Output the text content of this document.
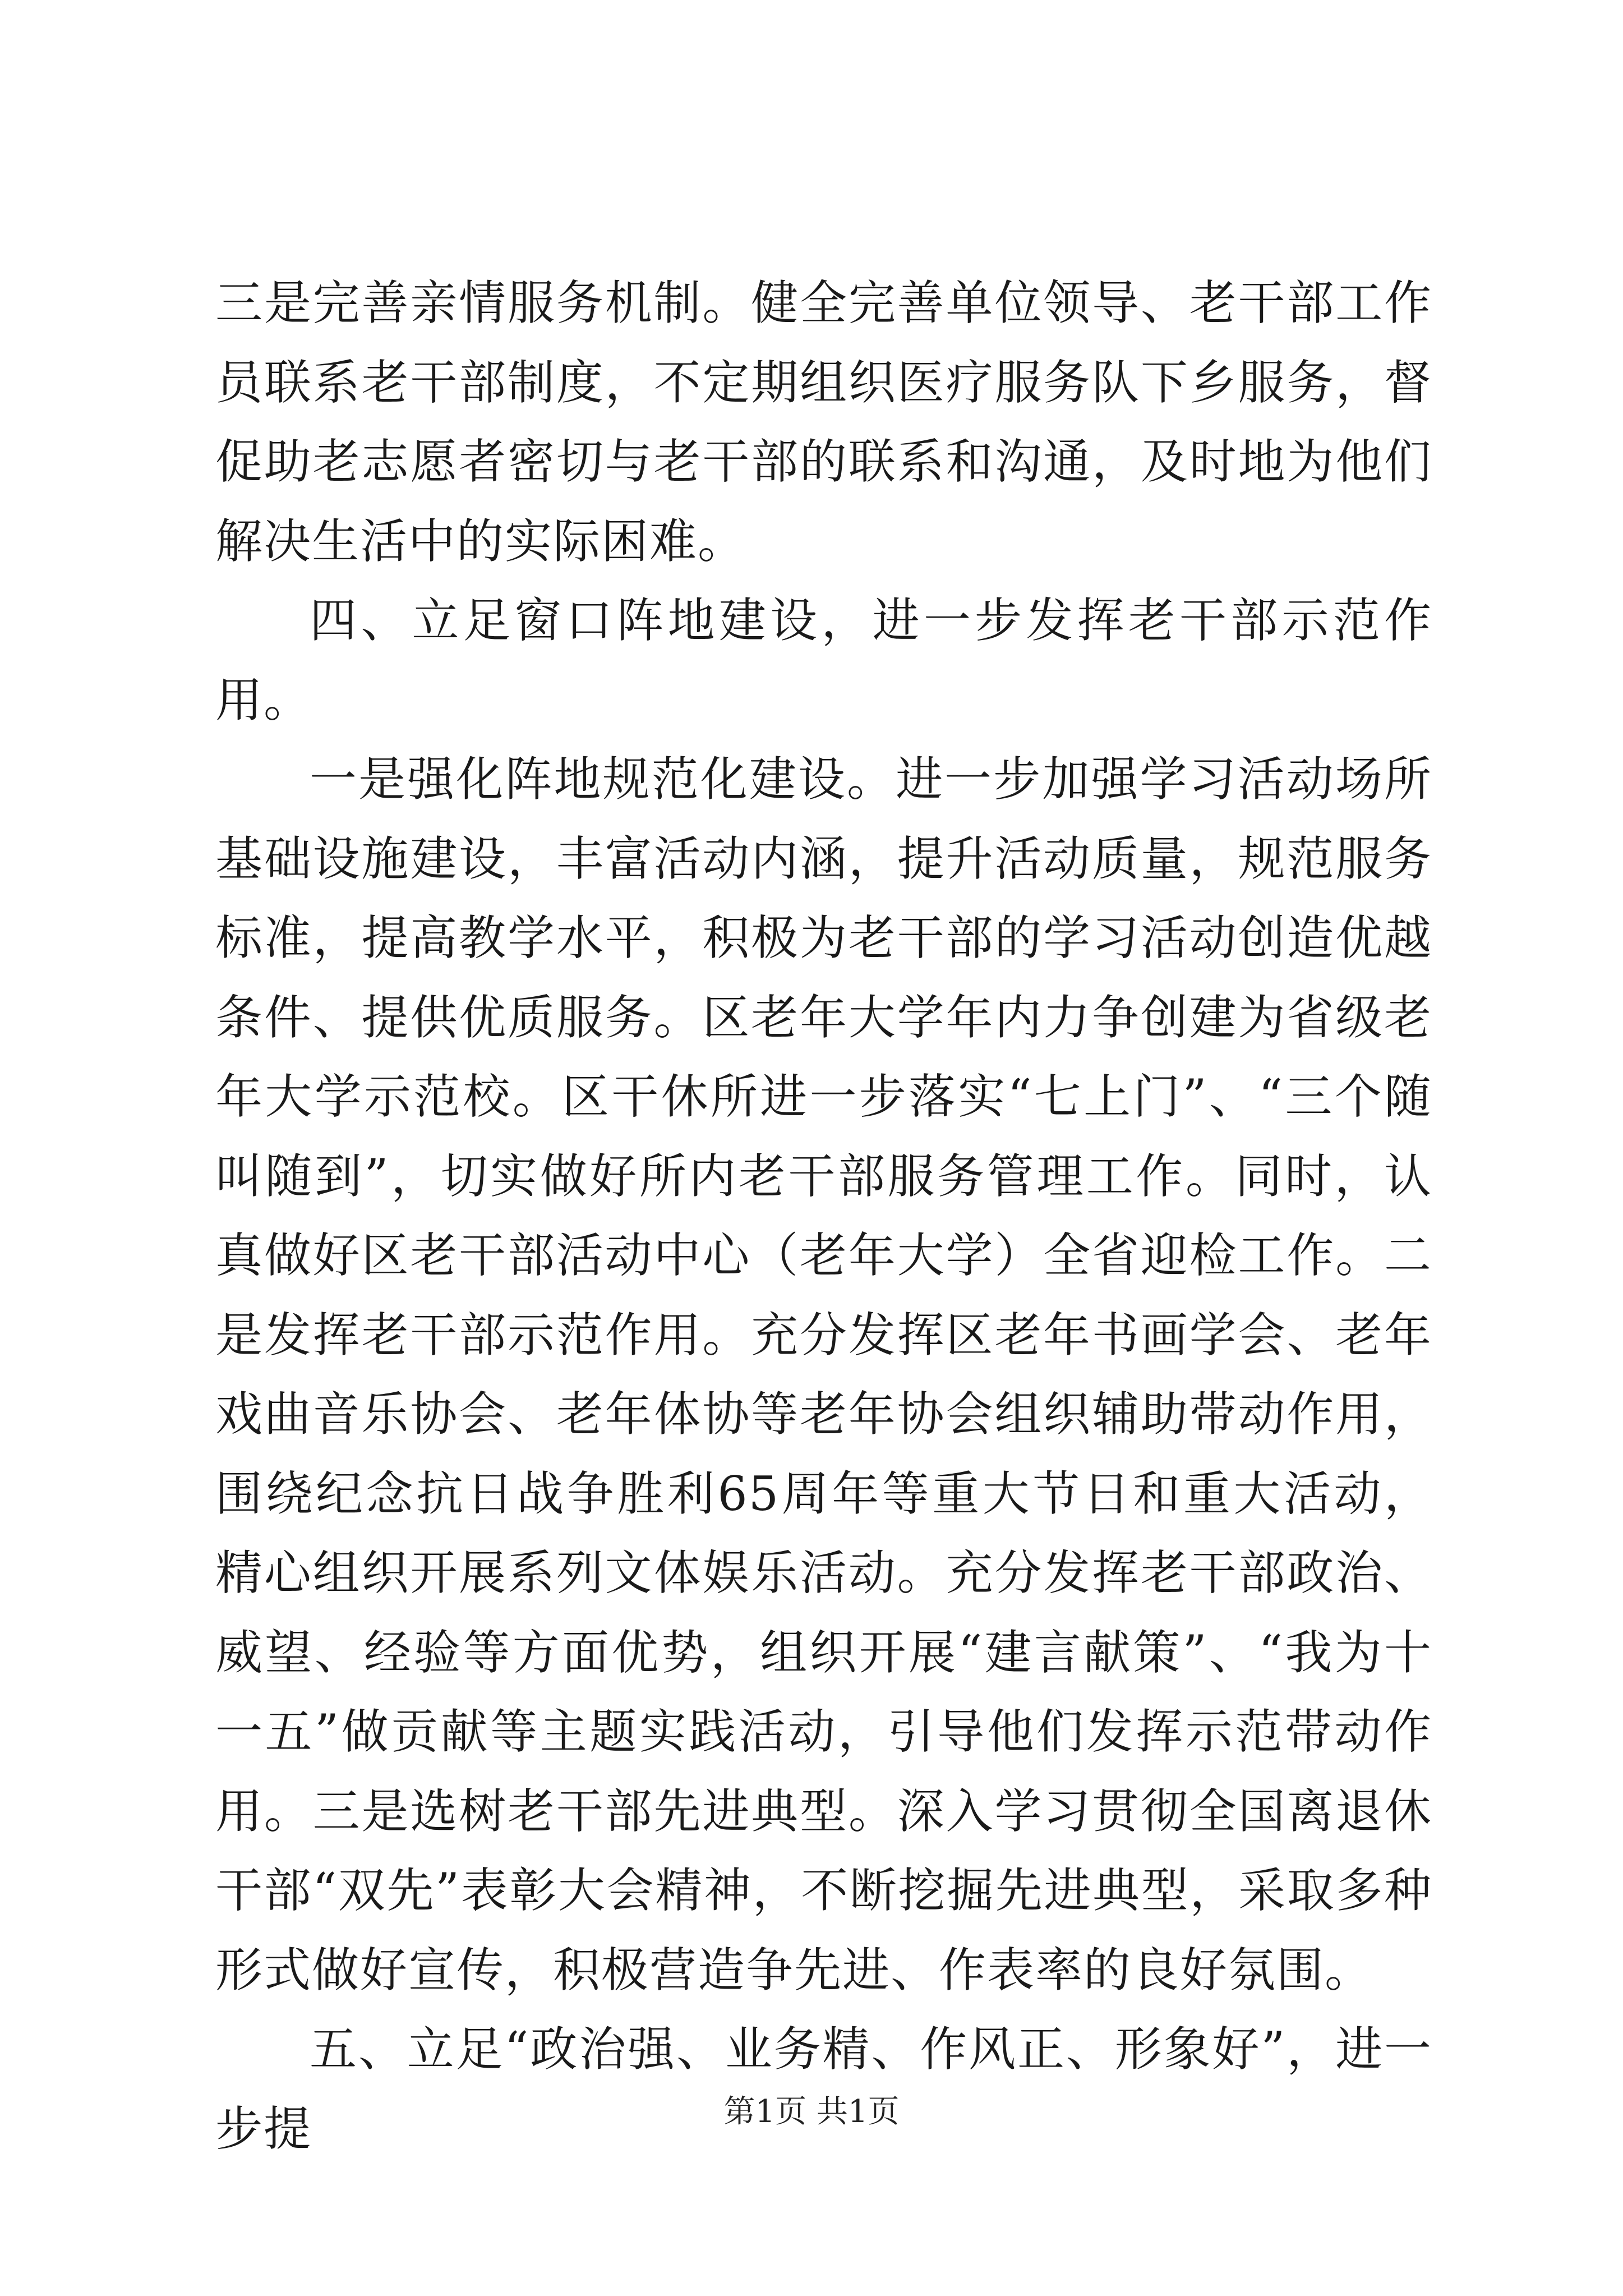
三是完善亲情服务机制。健全完善单位领导、老干部工作员联系老干部制度，不定期组织医疗服务队下乡服务，督促助老志愿者密切与老干部的联系和沟通，及时地为他们解决生活中的实际困难。

四、立足窗口阵地建设，进一步发挥老干部示范作用。

一是强化阵地规范化建设。进一步加强学习活动场所基础设施建设，丰富活动内涵，提升活动质量，规范服务标准，提高教学水平，积极为老干部的学习活动创造优越条件、提供优质服务。区老年大学年内力争创建为省级老年大学示范校。区干休所进一步落实“七上门”、“三个随叫随到”，切实做好所内老干部服务管理工作。同时，认真做好区老干部活动中心（老年大学）全省迎检工作。二是发挥老干部示范作用。充分发挥区老年书画学会、老年戏曲音乐协会、老年体协等老年协会组织辅助带动作用，围绕纪念抗日战争胜利65周年等重大节日和重大活动，精心组织开展系列文体娱乐活动。充分发挥老干部政治、威望、经验等方面优势，组织开展“建言献策”、“我为十一五”做贡献等主题实践活动，引导他们发挥示范带动作用。三是选树老干部先进典型。深入学习贯彻全国离退休干部“双先”表彰大会精神，不断挖掘先进典型，采取多种形式做好宣传，积极营造争先进、作表率的良好氛围。

五、立足“政治强、业务精、作风正、形象好”，进一步提	第1页 共1页
